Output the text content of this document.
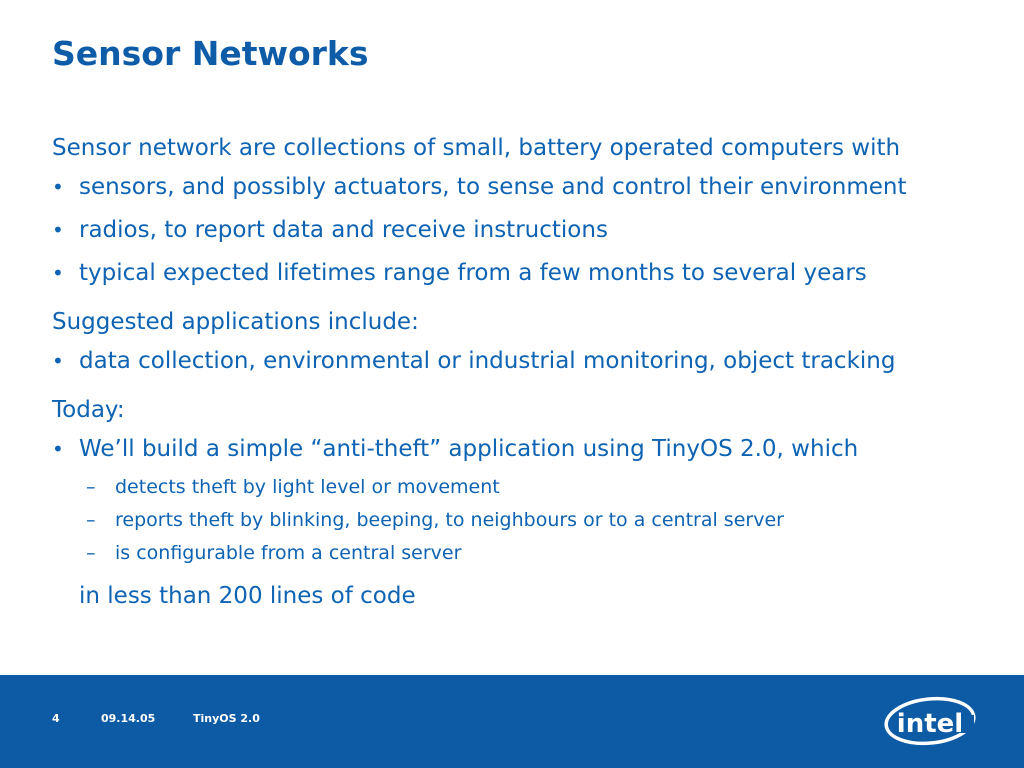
Sensor Networks
Sensor network are collections of small, battery operated computers with
• sensors, and possibly actuators, to sense and control their environment
• radios, to report data and receive instructions
• typical expected lifetimes range from a few months to several years
Suggested applications include:
• data collection, environmental or industrial monitoring, object tracking
Today:
• We’ll build a simple “anti-theft” application using TinyOS 2.0, which
–	detects theft by light level or movement
–	reports theft by blinking, beeping, to neighbours or to a central server
–	is configurable from a central server
in less than 200 lines of code
4	09.14.05	TinyOS 2.0	intel
